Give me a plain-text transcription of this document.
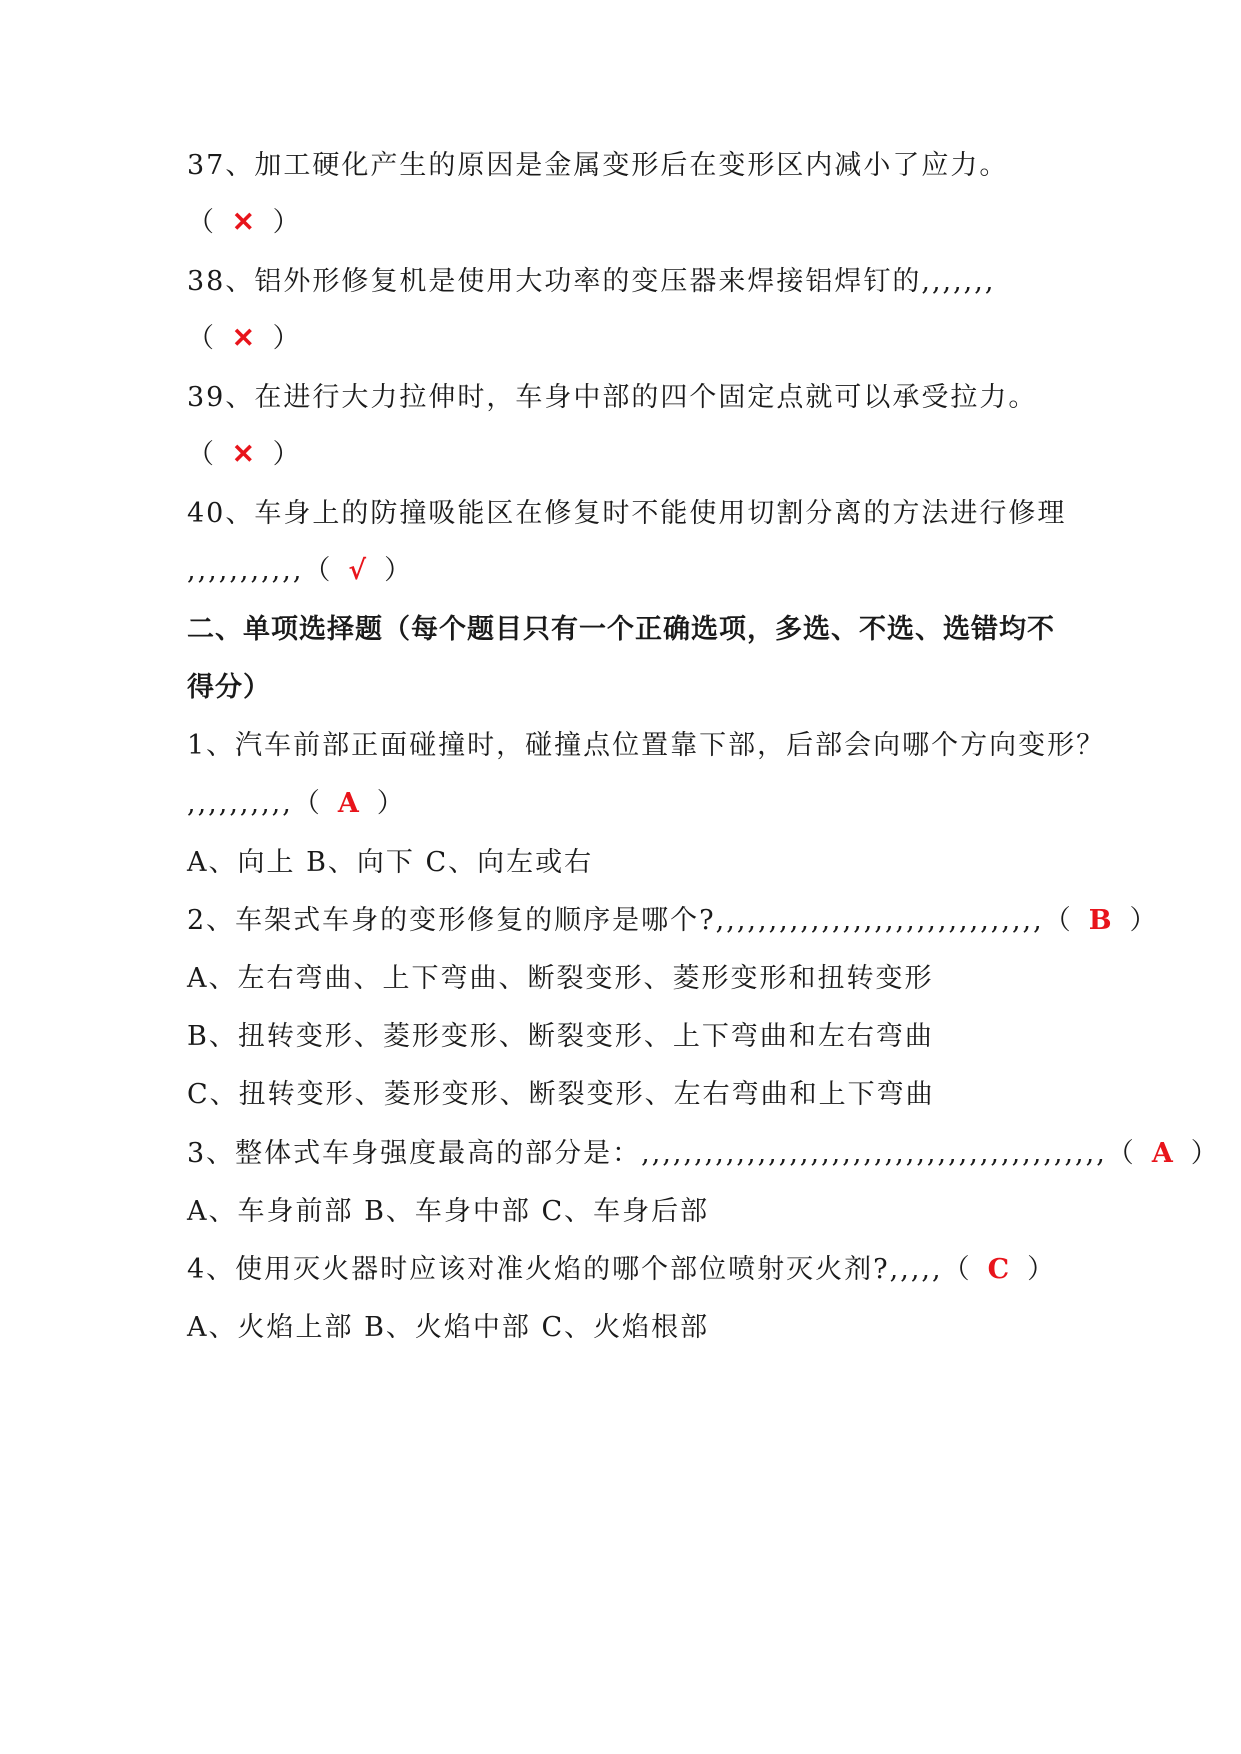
37、加工硬化产生的原因是金属变形后在变形区内减小了应力。
（ ✕ ）
38、铝外形修复机是使用大功率的变压器来焊接铝焊钉的,,,,,,,
（ ✕ ）
39、在进行大力拉伸时，车身中部的四个固定点就可以承受拉力。
（ ✕ ）
40、车身上的防撞吸能区在修复时不能使用切割分离的方法进行修理
,,,,,,,,,,,（ √ ）
二、单项选择题（每个题目只有一个正确选项，多选、不选、选错均不
得分）
1、汽车前部正面碰撞时，碰撞点位置靠下部，后部会向哪个方向变形？
,,,,,,,,,,（ A ）
A、向上 B、向下 C、向左或右
2、车架式车身的变形修复的顺序是哪个?,,,,,,,,,,,,,,,,,,,,,,,,,,,,,,,（ B ）
A、左右弯曲、上下弯曲、断裂变形、菱形变形和扭转变形
B、扭转变形、菱形变形、断裂变形、上下弯曲和左右弯曲
C、扭转变形、菱形变形、断裂变形、左右弯曲和上下弯曲
3、整体式车身强度最高的部分是：,,,,,,,,,,,,,,,,,,,,,,,,,,,,,,,,,,,,,,,,,,,,（ A ）
A、车身前部 B、车身中部 C、车身后部
4、使用灭火器时应该对准火焰的哪个部位喷射灭火剂?,,,,,（ C ）
A、火焰上部 B、火焰中部 C、火焰根部
